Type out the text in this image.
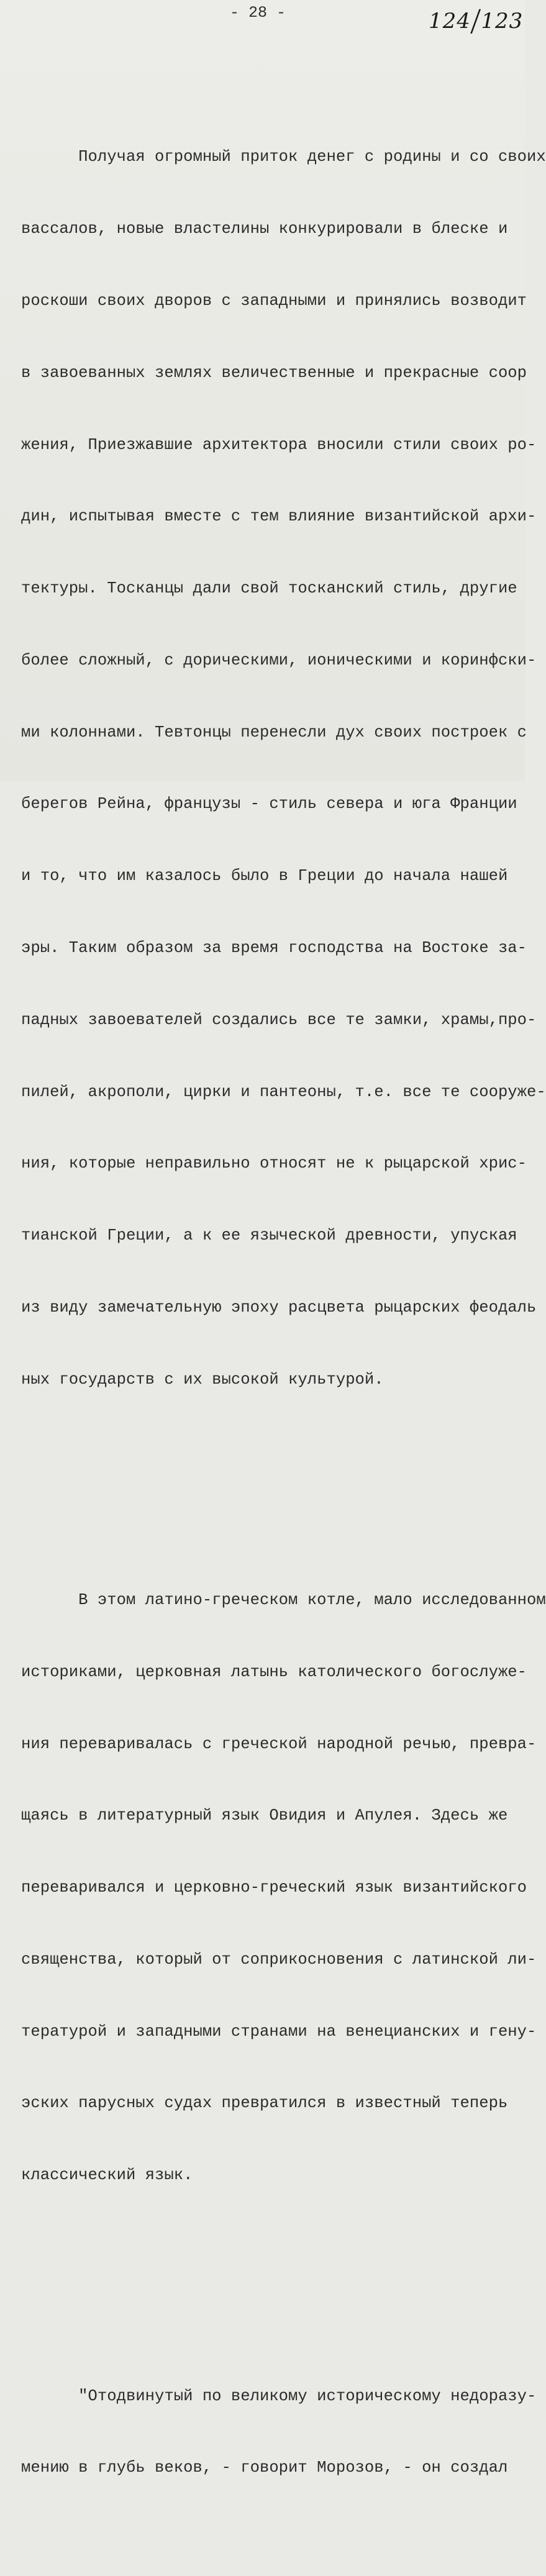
- 28 -	124/123

Получая огромный приток денег с родины и со своих

вассалов, новые властелины конкурировали в блеске и

роскоши своих дворов с западными и принялись возводит

в завоеванных землях величественные и прекрасные соор

жения, Приезжавшие архитектора вносили стили своих ро-

дин, испытывая вместе с тем влияние византийской архи-

тектуры. Тосканцы дали свой тосканский стиль, другие

более сложный, с дорическими, ионическими и коринфски-

ми колоннами. Тевтонцы перенесли дух своих построек с

берегов Рейна, французы - стиль севера и юга Франции

и то, что им казалось было в Греции до начала нашей

эры. Таким образом за время господства на Востоке за-

падных завоевателей создались все те замки, храмы,про-

пилей, акрополи, цирки и пантеоны, т.е. все те сооруже-

ния, которые неправильно относят не к рыцарской хрис-

тианской Греции, а к ее языческой древности, упуская

из виду замечательную эпоху расцвета рыцарских феодаль

ных государств с их высокой культурой.

В этом латино-греческом котле, мало исследованном

историками, церковная латынь католического богослуже-

ния переваривалась с греческой народной речью, превра-

щаясь в литературный язык Овидия и Апулея. Здесь же

переваривался и церковно-греческий язык византийского

священства, который от соприкосновения с латинской ли-

тературой и западными странами на венецианских и гену-

эских парусных судах превратился в известный теперь

классический язык.

"Отодвинутый по великому историческому недоразу-

мению в глубь веков, - говорит Морозов, - он создал
